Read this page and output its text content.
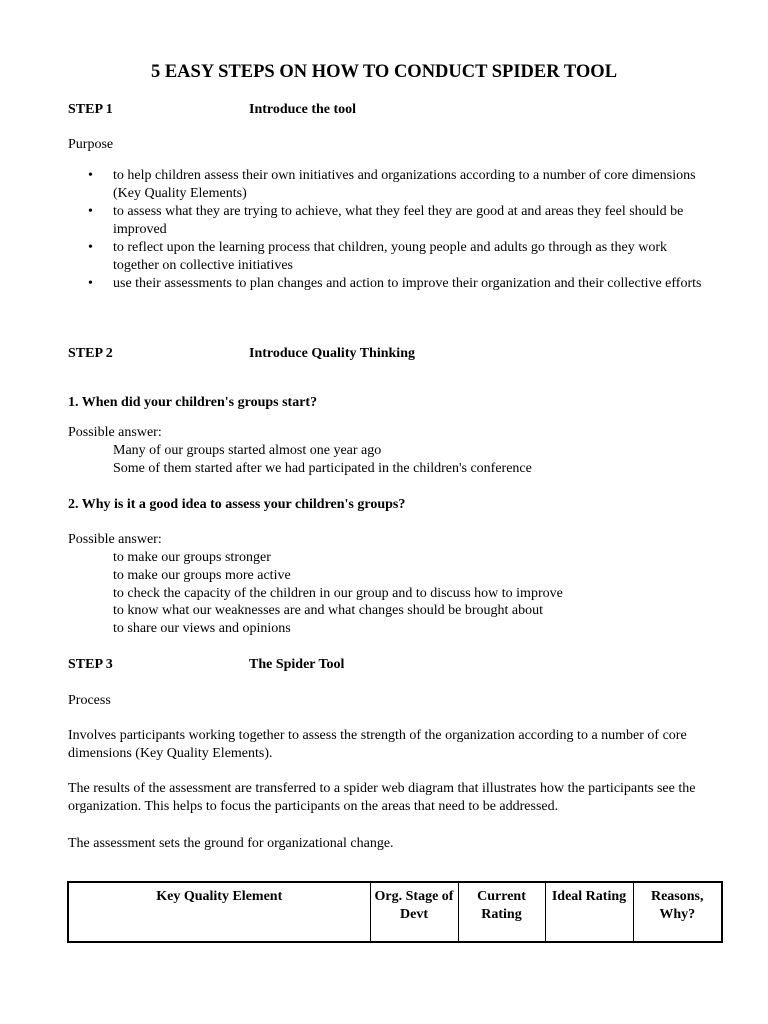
5 EASY STEPS ON HOW TO CONDUCT SPIDER TOOL
STEP 1	Introduce the tool
Purpose
• to help children assess their own initiatives and organizations according to a number of core dimensions (Key Quality Elements)
• to assess what they are trying to achieve, what they feel they are good at and areas they feel should be improved
• to reflect upon the learning process that children, young people and adults go through as they work together on collective initiatives
• use their assessments to plan changes and action to improve their organization and their collective efforts
STEP 2	Introduce Quality Thinking
1. When did your children's groups start?
Possible answer:
Many of our groups started almost one year ago
Some of them started after we had participated in the children's conference
2. Why is it a good idea to assess your children's groups?
Possible answer:
to make our groups stronger
to make our groups more active
to check the capacity of the children in our group and to discuss how to improve
to know what our weaknesses are and what changes should be brought about
to share our views and opinions
STEP 3	The Spider Tool
Process
Involves participants working together to assess the strength of the organization according to a number of core dimensions (Key Quality Elements).
The results of the assessment are transferred to a spider web diagram that illustrates how the participants see the organization. This helps to focus the participants on the areas that need to be addressed.
The assessment sets the ground for organizational change.
Key Quality Element	Org. Stage of Devt	Current Rating	Ideal Rating	Reasons, Why?
